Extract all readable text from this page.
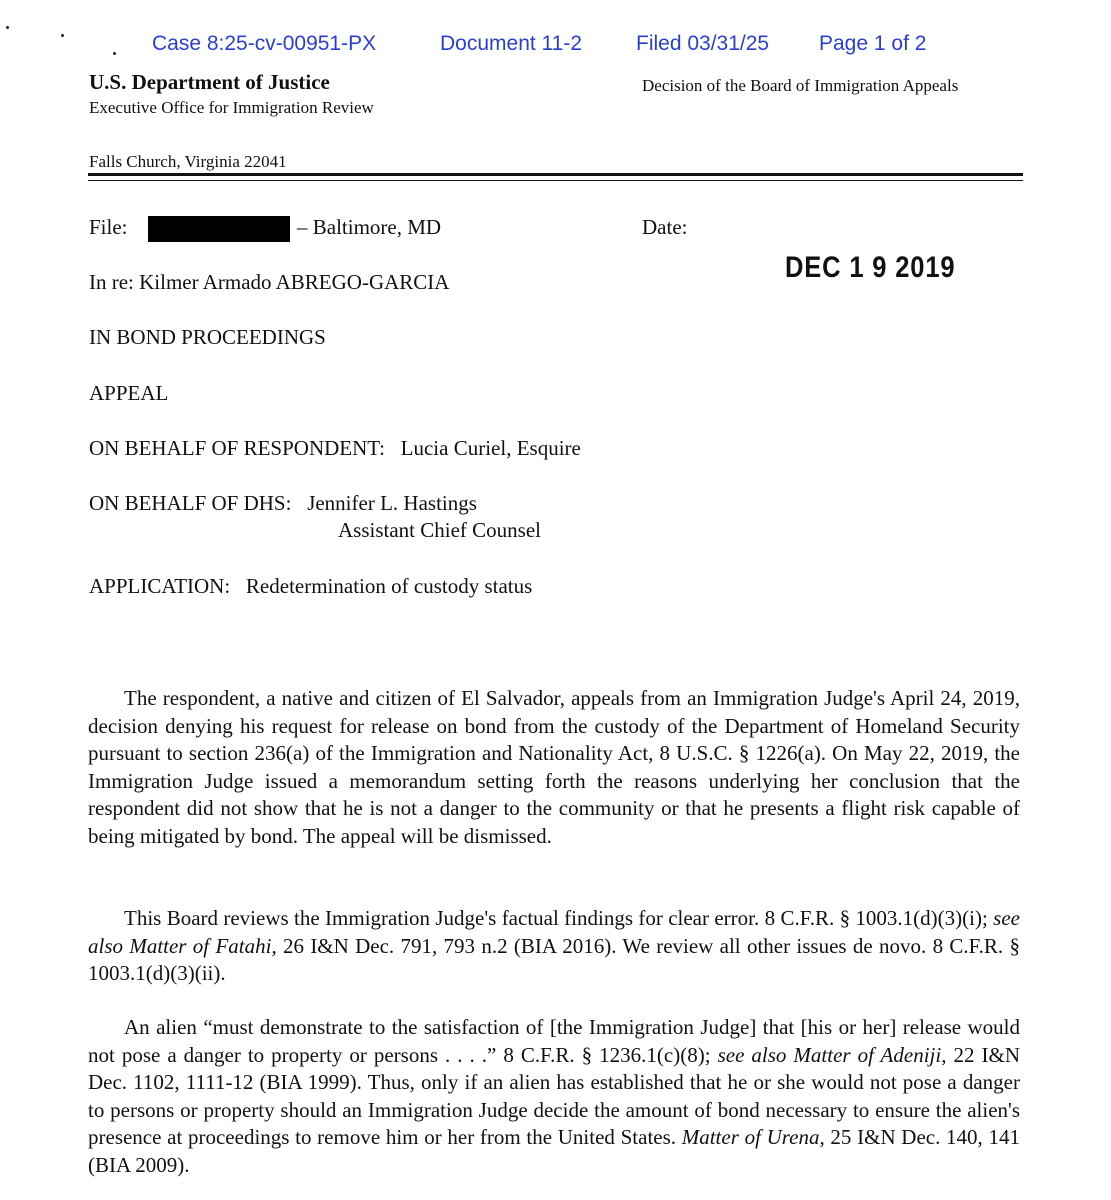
Case 8:25-cv-00951-PX	Document 11-2	Filed 03/31/25 Page 1 of 2
U.S. Department of Justice
Executive Office for Immigration Review
Decision of the Board of Immigration Appeals
Falls Church, Virginia 22041
File:	– Baltimore, MD	Date:
DEC 1 9 2019
In re: Kilmer Armado ABREGO-GARCIA
IN BOND PROCEEDINGS
APPEAL
ON BEHALF OF RESPONDENT:   Lucia Curiel, Esquire
ON BEHALF OF DHS:   Jennifer L. Hastings
Assistant Chief Counsel
APPLICATION:   Redetermination of custody status

The respondent, a native and citizen of El Salvador, appeals from an Immigration Judge's April 24, 2019, decision denying his request for release on bond from the custody of the Department of Homeland Security pursuant to section 236(a) of the Immigration and Nationality Act, 8 U.S.C. § 1226(a). On May 22, 2019, the Immigration Judge issued a memorandum setting forth the reasons underlying her conclusion that the respondent did not show that he is not a danger to the community or that he presents a flight risk capable of being mitigated by bond. The appeal will be dismissed.

This Board reviews the Immigration Judge's factual findings for clear error. 8 C.F.R. § 1003.1(d)(3)(i); see also Matter of Fatahi, 26 I&N Dec. 791, 793 n.2 (BIA 2016). We review all other issues de novo. 8 C.F.R. § 1003.1(d)(3)(ii).

An alien “must demonstrate to the satisfaction of [the Immigration Judge] that [his or her] release would not pose a danger to property or persons . . . .” 8 C.F.R. § 1236.1(c)(8); see also Matter of Adeniji, 22 I&N Dec. 1102, 1111-12 (BIA 1999). Thus, only if an alien has established that he or she would not pose a danger to persons or property should an Immigration Judge decide the amount of bond necessary to ensure the alien's presence at proceedings to remove him or her from the United States. Matter of Urena, 25 I&N Dec. 140, 141 (BIA 2009).
